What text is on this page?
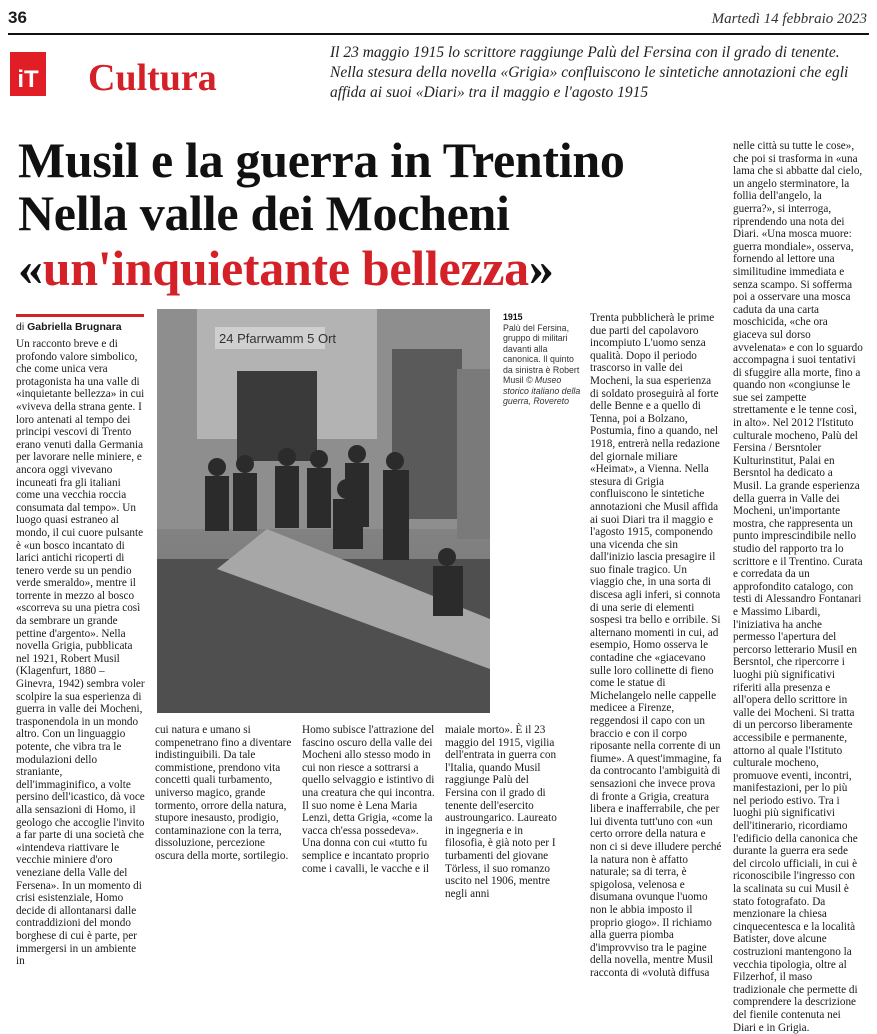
36	Martedì 14 febbraio 2023
iT Cultura
Il 23 maggio 1915 lo scrittore raggiunge Palù del Fersina con il grado di tenente. Nella stesura della novella «Grigia» confluiscono le sintetiche annotazioni che egli affida ai suoi «Diari» tra il maggio e l'agosto 1915
Musil e la guerra in Trentino
Nella valle dei Mocheni
«un'inquietante bellezza»
di Gabriella Brugnara
Un racconto breve e di profondo valore simbolico, che come unica vera protagonista ha una valle di «inquietante bellezza» in cui «viveva della strana gente. I loro antenati al tempo dei principi vescovi di Trento erano venuti dalla Germania per lavorare nelle miniere, e ancora oggi vivevano incuneati fra gli italiani come una vecchia roccia consumata dal tempo». Un luogo quasi estraneo al mondo, il cui cuore pulsante è «un bosco incantato di larici antichi ricoperti di tenero verde su un pendio verde smeraldo», mentre il torrente in mezzo al bosco «scorreva su una pietra così da sembrare un grande pettine d'argento». Nella novella Grigia, pubblicata nel 1921, Robert Musil (Klagenfurt, 1880 – Ginevra, 1942) sembra voler scolpire la sua esperienza di guerra in valle dei Mocheni, trasponendola in un mondo altro. Con un linguaggio potente, che vibra tra le modulazioni dello straniante, dell'immaginifico, a volte persino dell'icastico, dà voce alla sensazioni di Homo, il geologo che accoglie l'invito a far parte di una società che «intendeva riattivare le vecchie miniere d'oro veneziane della Valle del Fersena». In un momento di crisi esistenziale, Homo decide di allontanarsi dalle contraddizioni del mondo borghese di cui è parte, per immergersi in un ambiente in
24 Pfarrwamm 5 Ort
1915
Palù del Fersina, gruppo di militari davanti alla canonica. Il quinto da sinistra è Robert Musil © Museo storico italiano della guerra, Rovereto
cui natura e umano si compenetrano fino a diventare indistinguibili. Da tale commistione, prendono vita concetti quali turbamento, universo magico, grande tormento, orrore della natura, stupore inesausto, prodigio, contaminazione con la terra, dissoluzione, percezione oscura della morte, sortilegio.
Homo subisce l'attrazione del fascino oscuro della valle dei Mocheni allo stesso modo in cui non riesce a sottrarsi a quello selvaggio e istintivo di una creatura che qui incontra. Il suo nome è Lena Maria Lenzi, detta Grigia, «come la vacca ch'essa possedeva». Una donna con cui «tutto fu semplice e incantato proprio come i cavalli, le vacche e il
maiale morto». È il 23 maggio del 1915, vigilia dell'entrata in guerra con l'Italia, quando Musil raggiunge Palù del Fersina con il grado di tenente dell'esercito austroungarico. Laureato in ingegneria e in filosofia, è già noto per I turbamenti del giovane Törless, il suo romanzo uscito nel 1906, mentre negli anni
Trenta pubblicherà le prime due parti del capolavoro incompiuto L'uomo senza qualità. Dopo il periodo trascorso in valle dei Mocheni, la sua esperienza di soldato proseguirà al forte delle Benne e a quello di Tenna, poi a Bolzano, Postumia, fino a quando, nel 1918, entrerà nella redazione del giornale miliare «Heimat», a Vienna. Nella stesura di Grigia confluiscono le sintetiche annotazioni che Musil affida ai suoi Diari tra il maggio e l'agosto 1915, componendo una vicenda che sin dall'inizio lascia presagire il suo finale tragico. Un viaggio che, in una sorta di discesa agli inferi, si connota di una serie di elementi sospesi tra bello e orribile. Si alternano momenti in cui, ad esempio, Homo osserva le contadine che «giacevano sulle loro collinette di fieno come le statue di Michelangelo nelle cappelle medicee a Firenze, reggendosi il capo con un braccio e con il corpo riposante nella corrente di un fiume». A quest'immagine, fa da controcanto l'ambiguità di sensazioni che invece prova di fronte a Grigia, creatura libera e inafferrabile, che per lui diventa tutt'uno con «un certo orrore della natura e non ci si deve illudere perché la natura non è affatto naturale; sa di terra, è spigolosa, velenosa e disumana ovunque l'uomo non le abbia imposto il proprio giogo». Il richiamo alla guerra piomba d'improvviso tra le pagine della novella, mentre Musil racconta di «volutà diffusa
nelle città su tutte le cose», che poi si trasforma in «una lama che si abbatte dal cielo, un angelo sterminatore, la follia dell'angelo, la guerra?», si interroga, riprendendo una nota dei Diari. «Una mosca muore: guerra mondiale», osserva, fornendo al lettore una similitudine immediata e senza scampo. Si sofferma poi a osservare una mosca caduta da una carta moschicida, «che ora giaceva sul dorso avvelenata» e con lo sguardo accompagna i suoi tentativi di sfuggire alla morte, fino a quando non «congiunse le sue sei zampette strettamente e le tenne così, in alto». Nel 2012 l'Istituto culturale mocheno, Palù del Fersina / Bersntoler Kulturinstitut, Palai en Bersntol ha dedicato a Musil. La grande esperienza della guerra in Valle dei Mocheni, un'importante mostra, che rappresenta un punto imprescindibile nello studio del rapporto tra lo scrittore e il Trentino. Curata e corredata da un approfondito catalogo, con testi di Alessandro Fontanari e Massimo Libardi, l'iniziativa ha anche permesso l'apertura del percorso letterario Musil en Bersntol, che ripercorre i luoghi più significativi riferiti alla presenza e all'opera dello scrittore in valle dei Mocheni. Si tratta di un percorso liberamente accessibile e permanente, attorno al quale l'Istituto culturale mocheno, promuove eventi, incontri, manifestazioni, per lo più nel periodo estivo. Tra i luoghi più significativi dell'itinerario, ricordiamo l'edificio della canonica che durante la guerra era sede del circolo ufficiali, in cui è riconoscibile l'ingresso con la scalinata su cui Musil è stato fotografato. Da menzionare la chiesa cinquecentesca e la località Batister, dove alcune costruzioni mantengono la vecchia tipologia, oltre al Filzerhof, il maso tradizionale che permette di comprendere la descrizione del fienile contenuta nei Diari e in Grigia.
